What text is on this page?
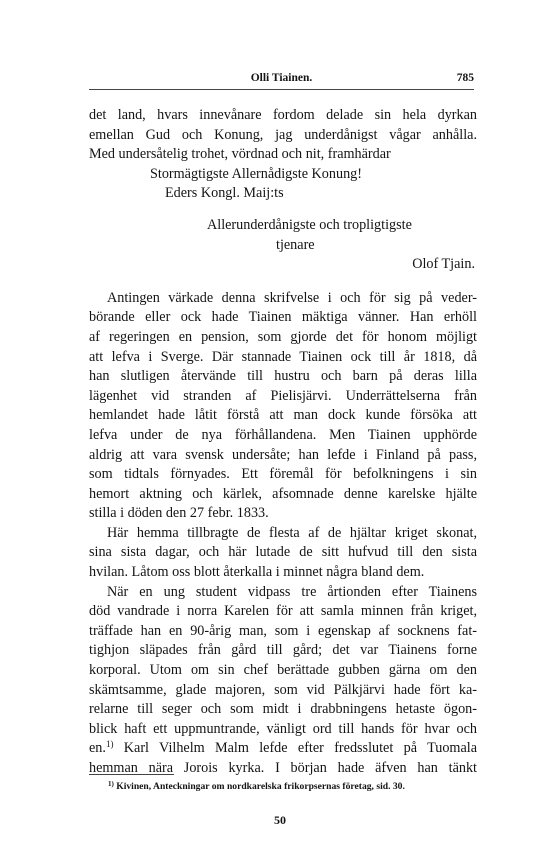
Olli Tiainen.	785
det land, hvars innevånare fordom delade sin hela dyrkan
emellan Gud och Konung, jag underdånigst vågar anhålla.
Med undersåtelig trohet, vördnad och nit, framhärdar
Stormägtigste Allernådigste Konung!
Eders Kongl. Maij:ts
Allerunderdånigste och tropligtigste
tjenare
Olof Tjain.
Antingen värkade denna skrifvelse i och för sig på veder-
börande eller ock hade Tiainen mäktiga vänner. Han erhöll
af regeringen en pension, som gjorde det för honom möjligt
att lefva i Sverge. Där stannade Tiainen ock till år 1818, då
han slutligen återvände till hustru och barn på deras lilla
lägenhet vid stranden af Pielisjärvi. Underrättelserna från
hemlandet hade låtit förstå att man dock kunde försöka att
lefva under de nya förhållandena. Men Tiainen upphörde
aldrig att vara svensk undersåte; han lefde i Finland på pass,
som tidtals förnyades. Ett föremål för befolkningens i sin
hemort aktning och kärlek, afsomnade denne karelske hjälte
stilla i döden den 27 febr. 1833.
Här hemma tillbragte de flesta af de hjältar kriget skonat,
sina sista dagar, och här lutade de sitt hufvud till den sista
hvilan. Låtom oss blott återkalla i minnet några bland dem.
När en ung student vidpass tre årtionden efter Tiainens
död vandrade i norra Karelen för att samla minnen från kriget,
träffade han en 90-årig man, som i egenskap af socknens fat-
tighjon släpades från gård till gård; det var Tiainens forne
korporal. Utom om sin chef berättade gubben gärna om den
skämtsamme, glade majoren, som vid Pälkjärvi hade fört ka-
relarne till seger och som midt i drabbningens hetaste ögon-
blick haft ett uppmuntrande, vänligt ord till hands för hvar och
en.$^{1)}$ Karl Vilhelm Malm lefde efter fredsslutet på Tuomala
hemman nära Jorois kyrka. I början hade äfven han tänkt
$^{1)}$ Kivinen, Anteckningar om nordkarelska frikorpsernas företag, sid. 30.
50
